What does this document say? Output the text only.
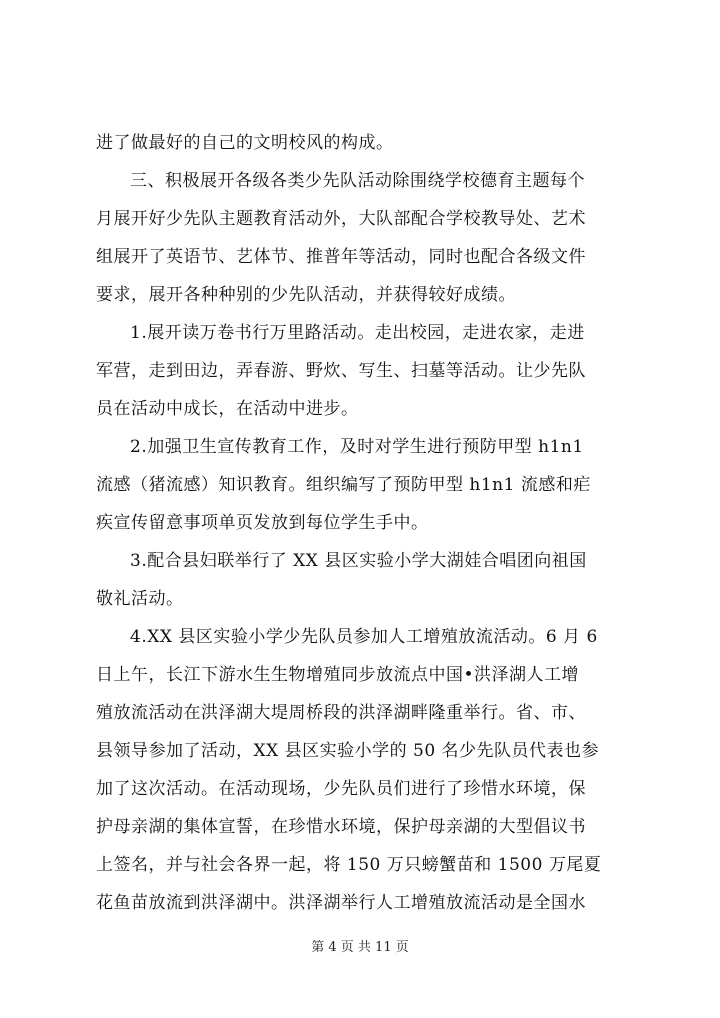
进了做最好的自己的文明校风的构成。
三、积极展开各级各类少先队活动除围绕学校德育主题每个
月展开好少先队主题教育活动外，大队部配合学校教导处、艺术
组展开了英语节、艺体节、推普年等活动，同时也配合各级文件
要求，展开各种种别的少先队活动，并获得较好成绩。
1.展开读万卷书行万里路活动。走出校园，走进农家，走进
军营，走到田边，弄春游、野炊、写生、扫墓等活动。让少先队
员在活动中成长，在活动中进步。
2.加强卫生宣传教育工作，及时对学生进行预防甲型 h1n1
流感（猪流感）知识教育。组织编写了预防甲型 h1n1 流感和疟
疾宣传留意事项单页发放到每位学生手中。
3.配合县妇联举行了 XX 县区实验小学大湖娃合唱团向祖国
敬礼活动。
4.XX 县区实验小学少先队员参加人工增殖放流活动。6 月 6
日上午，长江下游水生生物增殖同步放流点中国•洪泽湖人工增
殖放流活动在洪泽湖大堤周桥段的洪泽湖畔隆重举行。省、市、
县领导参加了活动，XX 县区实验小学的 50 名少先队员代表也参
加了这次活动。在活动现场，少先队员们进行了珍惜水环境，保
护母亲湖的集体宣誓，在珍惜水环境，保护母亲湖的大型倡议书
上签名，并与社会各界一起，将 150 万只螃蟹苗和 1500 万尾夏
花鱼苗放流到洪泽湖中。洪泽湖举行人工增殖放流活动是全国水
第 4 页 共 11 页
